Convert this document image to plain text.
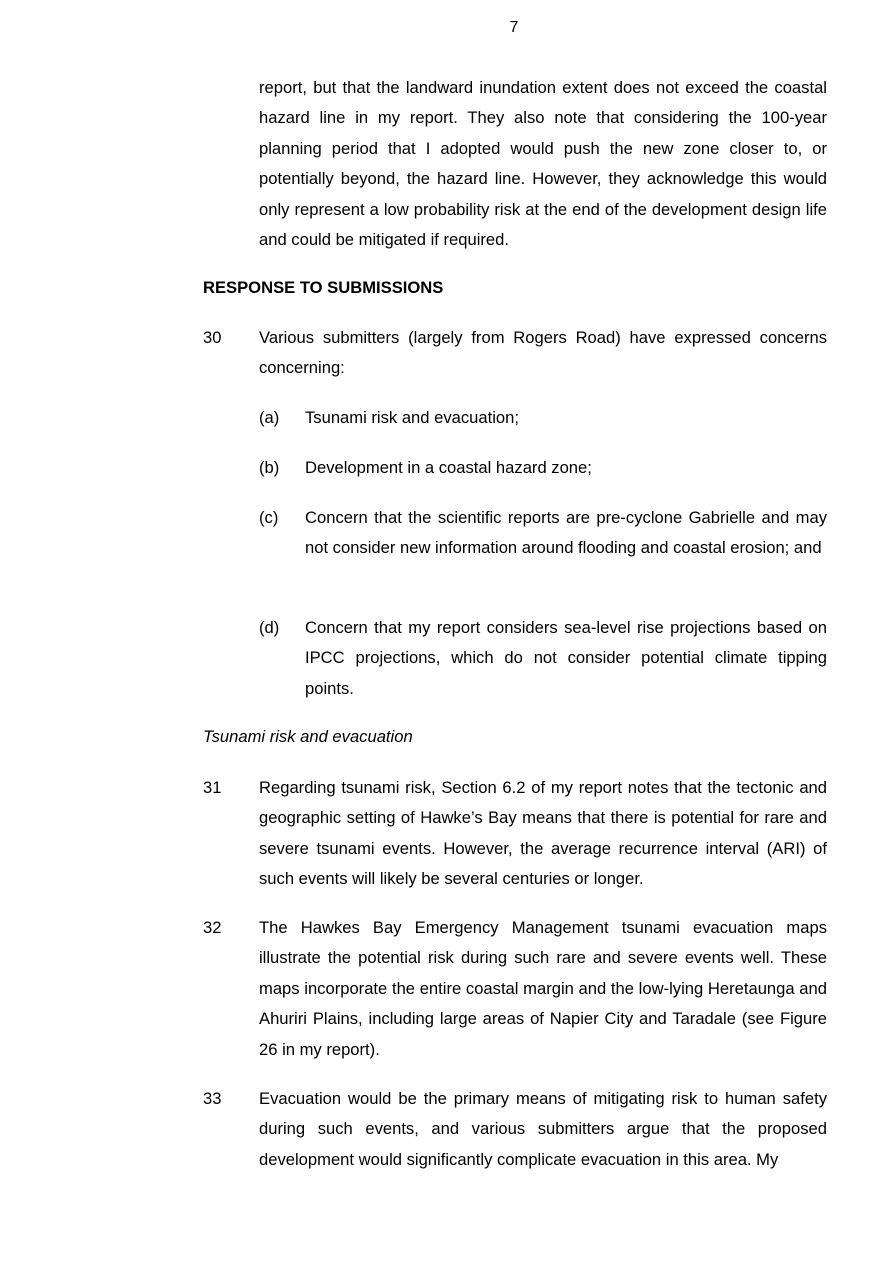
7
report, but that the landward inundation extent does not exceed the coastal hazard line in my report. They also note that considering the 100-year planning period that I adopted would push the new zone closer to, or potentially beyond, the hazard line. However, they acknowledge this would only represent a low probability risk at the end of the development design life and could be mitigated if required.
RESPONSE TO SUBMISSIONS
30 Various submitters (largely from Rogers Road) have expressed concerns concerning:
(a) Tsunami risk and evacuation;
(b) Development in a coastal hazard zone;
(c) Concern that the scientific reports are pre-cyclone Gabrielle and may not consider new information around flooding and coastal erosion; and
(d) Concern that my report considers sea-level rise projections based on IPCC projections, which do not consider potential climate tipping points.
Tsunami risk and evacuation
31 Regarding tsunami risk, Section 6.2 of my report notes that the tectonic and geographic setting of Hawke’s Bay means that there is potential for rare and severe tsunami events. However, the average recurrence interval (ARI) of such events will likely be several centuries or longer.
32 The Hawkes Bay Emergency Management tsunami evacuation maps illustrate the potential risk during such rare and severe events well. These maps incorporate the entire coastal margin and the low-lying Heretaunga and Ahuriri Plains, including large areas of Napier City and Taradale (see Figure 26 in my report).
33 Evacuation would be the primary means of mitigating risk to human safety during such events, and various submitters argue that the proposed development would significantly complicate evacuation in this area. My
